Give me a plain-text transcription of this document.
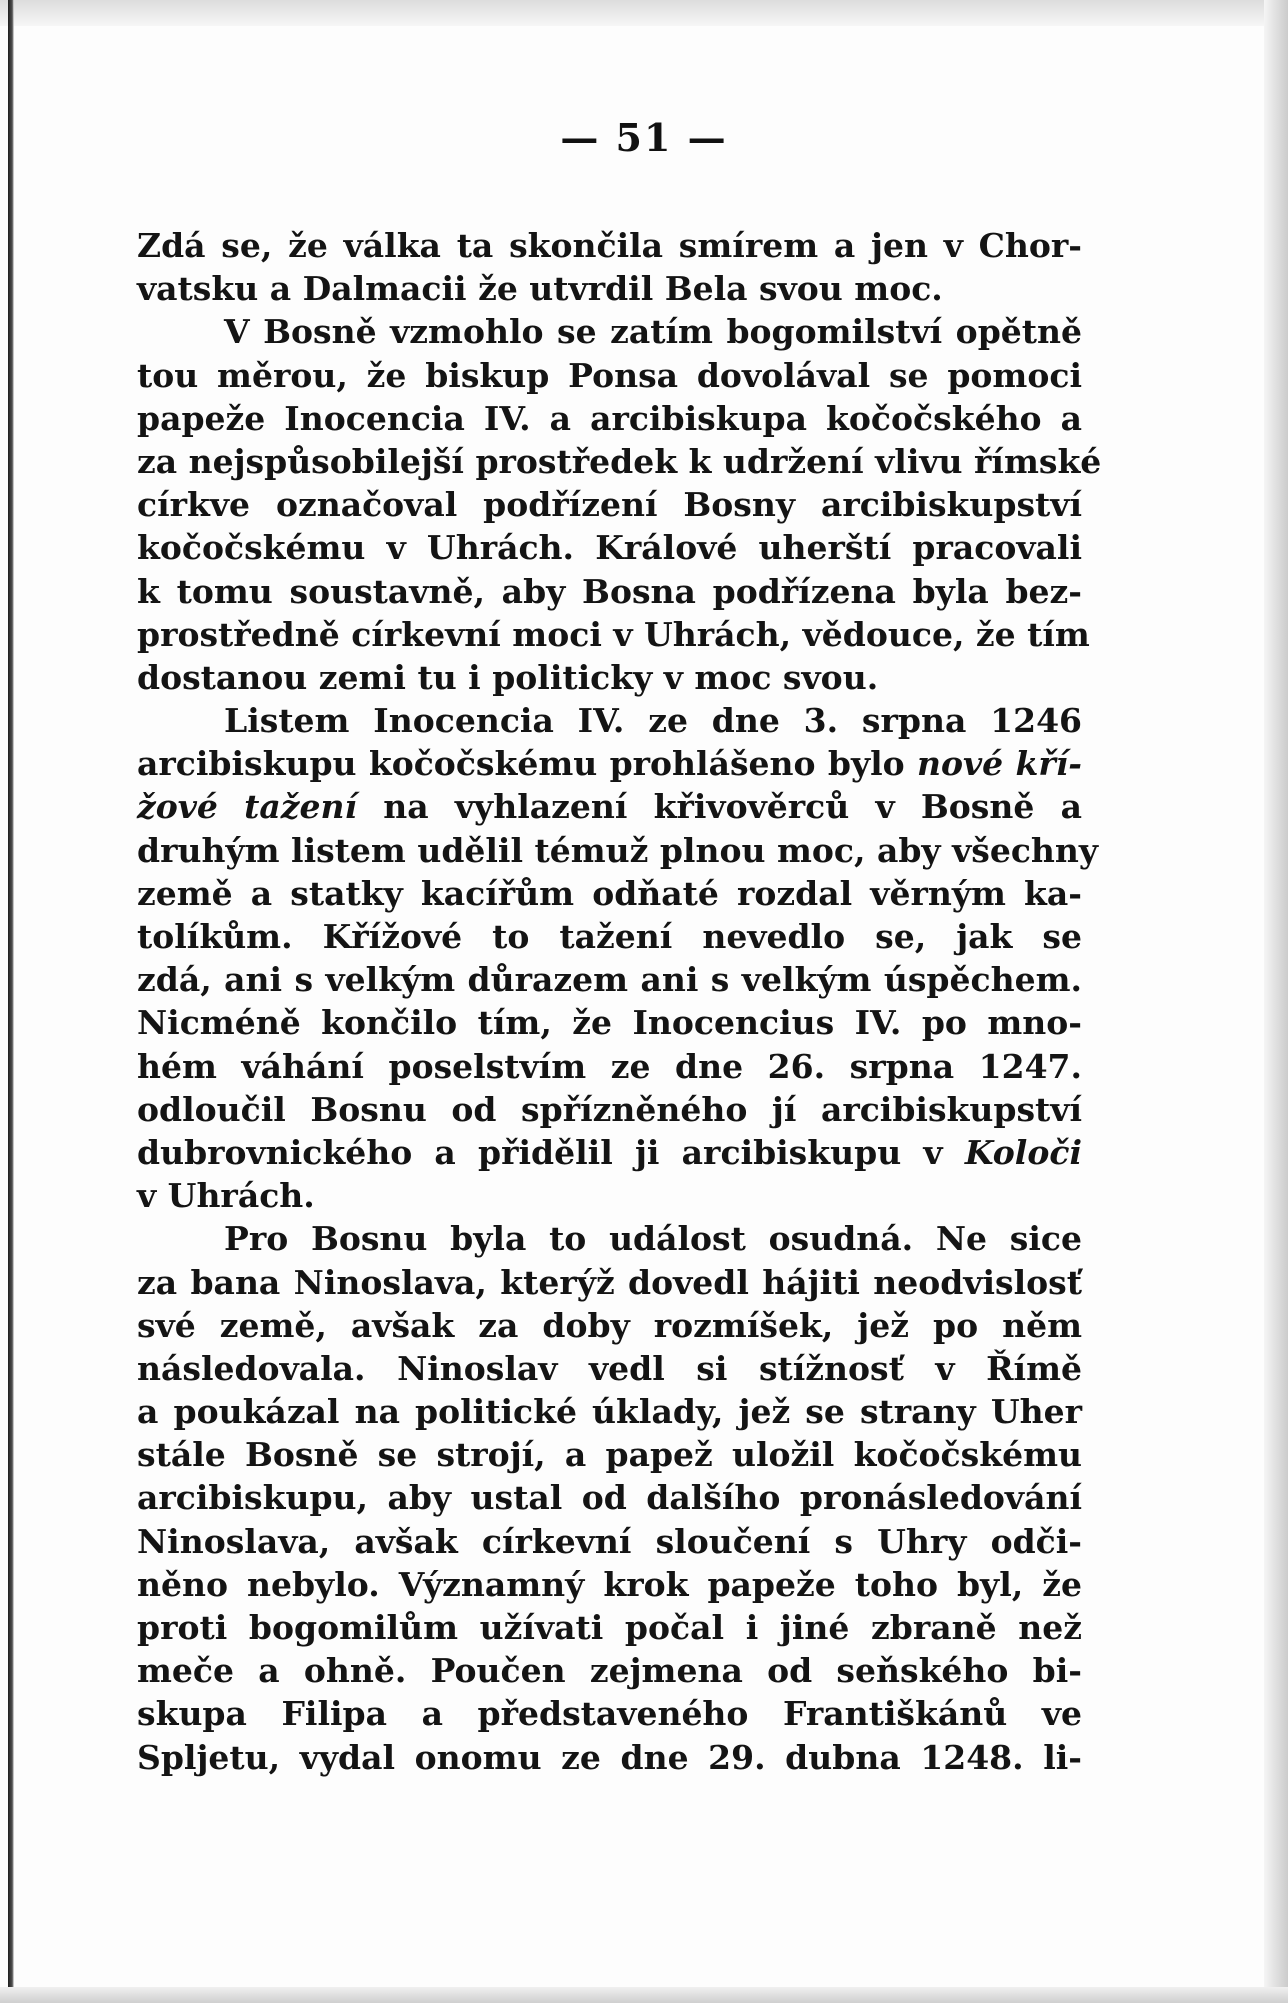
— 51 —
Zdá se, že válka ta skončila smírem a jen v Chor-
vatsku a Dalmacii že utvrdil Bela svou moc.
V Bosně vzmohlo se zatím bogomilství opětně
tou měrou, že biskup Ponsa dovolával se pomoci
papeže Inocencia IV. a arcibiskupa kočočského a
za nejspůsobilejší prostředek k udržení vlivu římské
církve označoval podřízení Bosny arcibiskupství
kočočskému v Uhrách. Králové uherští pracovali
k tomu soustavně, aby Bosna podřízena byla bez-
prostředně církevní moci v Uhrách, vědouce, že tím
dostanou zemi tu i politicky v moc svou.
Listem Inocencia IV. ze dne 3. srpna 1246
arcibiskupu kočočskému prohlášeno bylo nové kří-
žové tažení na vyhlazení křivověrců v Bosně a
druhým listem udělil témuž plnou moc, aby všechny
země a statky kacířům odňaté rozdal věrným ka-
tolíkům. Křížové to tažení nevedlo se, jak se
zdá, ani s velkým důrazem ani s velkým úspěchem.
Nicméně končilo tím, že Inocencius IV. po mno-
hém váhání poselstvím ze dne 26. srpna 1247.
odloučil Bosnu od spřízněného jí arcibiskupství
dubrovnického a přidělil ji arcibiskupu v Koloči
v Uhrách.
Pro Bosnu byla to událost osudná. Ne sice
za bana Ninoslava, kterýž dovedl hájiti neodvislosť
své země, avšak za doby rozmíšek, jež po něm
následovala. Ninoslav vedl si stížnosť v Římě
a poukázal na politické úklady, jež se strany Uher
stále Bosně se strojí, a papež uložil kočočskému
arcibiskupu, aby ustal od dalšího pronásledování
Ninoslava, avšak církevní sloučení s Uhry odči-
něno nebylo. Významný krok papeže toho byl, že
proti bogomilům užívati počal i jiné zbraně než
meče a ohně. Poučen zejmena od seňského bi-
skupa Filipa a představeného Františkánů ve
Spljetu, vydal onomu ze dne 29. dubna 1248. li-
